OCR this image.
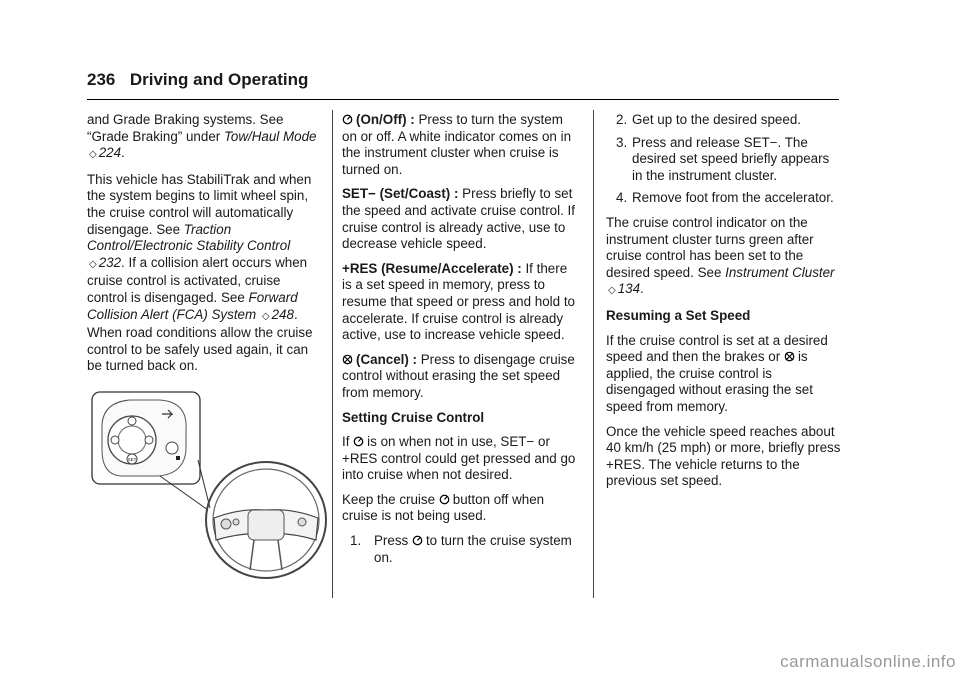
236 Driving and Operating

and Grade Braking systems. See “Grade Braking” under Tow/Haul Mode ◇ 224.

This vehicle has StabiliTrak and when the system begins to limit wheel spin, the cruise control will automatically disengage. See Traction Control/Electronic Stability Control ◇ 232. If a collision alert occurs when cruise control is activated, cruise control is disengaged. See Forward Collision Alert (FCA) System ◇ 248. When road conditions allow the cruise control to be safely used again, it can be turned back on.

SET

(On/Off) : Press to turn the system on or off. A white indicator comes on in the instrument cluster when cruise is turned on.

SET− (Set/Coast) : Press briefly to set the speed and activate cruise control. If cruise control is already active, use to decrease vehicle speed.

+RES (Resume/Accelerate) : If there is a set speed in memory, press to resume that speed or press and hold to accelerate. If cruise control is already active, use to increase vehicle speed.

(Cancel) : Press to disengage cruise control without erasing the set speed from memory.

Setting Cruise Control

If is on when not in use, SET− or +RES control could get pressed and go into cruise when not desired.

Keep the cruise button off when cruise is not being used.

1. Press to turn the cruise system on.
2. Get up to the desired speed.
3. Press and release SET−. The desired set speed briefly appears in the instrument cluster.
4. Remove foot from the accelerator.

The cruise control indicator on the instrument cluster turns green after cruise control has been set to the desired speed. See Instrument Cluster ◇ 134.

Resuming a Set Speed

If the cruise control is set at a desired speed and then the brakes or is applied, the cruise control is disengaged without erasing the set speed from memory.

Once the vehicle speed reaches about 40 km/h (25 mph) or more, briefly press +RES. The vehicle returns to the previous set speed.

carmanualsonline.info
